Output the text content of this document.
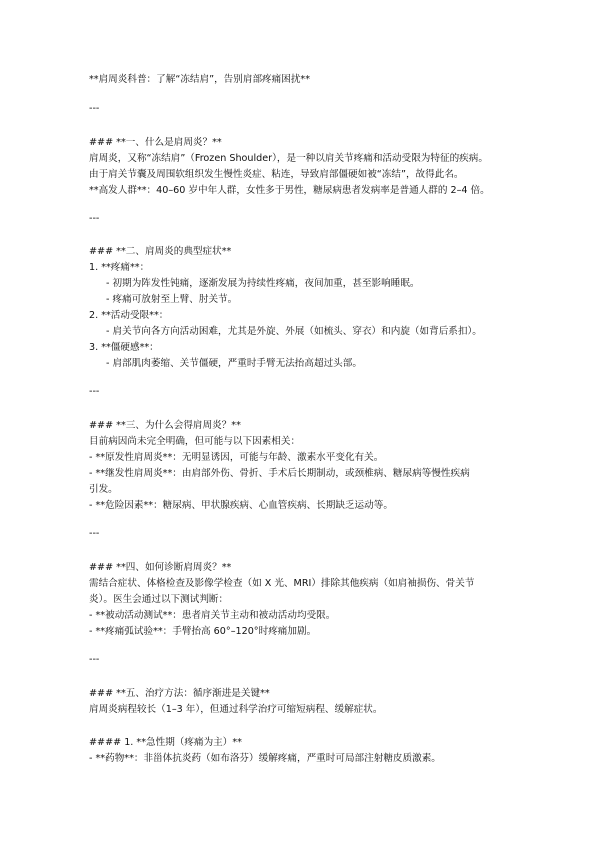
**肩周炎科普：了解“冻结肩”，告别肩部疼痛困扰**
---
### **一、什么是肩周炎？**
肩周炎，又称“冻结肩”（Frozen Shoulder），是一种以肩关节疼痛和活动受限为特征的疾病。
由于肩关节囊及周围软组织发生慢性炎症、粘连，导致肩部僵硬如被“冻结”，故得此名。
**高发人群**：40–60 岁中年人群，女性多于男性，糖尿病患者发病率是普通人群的 2–4 倍。
---
### **二、肩周炎的典型症状**
1. **疼痛**：
- 初期为阵发性钝痛，逐渐发展为持续性疼痛，夜间加重，甚至影响睡眠。
- 疼痛可放射至上臂、肘关节。
2. **活动受限**：
- 肩关节向各方向活动困难，尤其是外旋、外展（如梳头、穿衣）和内旋（如背后系扣）。
3. **僵硬感**：
- 肩部肌肉萎缩、关节僵硬，严重时手臂无法抬高超过头部。
---
### **三、为什么会得肩周炎？**
目前病因尚未完全明确，但可能与以下因素相关：
- **原发性肩周炎**：无明显诱因，可能与年龄、激素水平变化有关。
- **继发性肩周炎**：由肩部外伤、骨折、手术后长期制动，或颈椎病、糖尿病等慢性疾病
引发。
- **危险因素**：糖尿病、甲状腺疾病、心血管疾病、长期缺乏运动等。
---
### **四、如何诊断肩周炎？**
需结合症状、体格检查及影像学检查（如 X 光、MRI）排除其他疾病（如肩袖损伤、骨关节
炎）。医生会通过以下测试判断：
- **被动活动测试**：患者肩关节主动和被动活动均受限。
- **疼痛弧试验**：手臂抬高 60°–120°时疼痛加剧。
---
### **五、治疗方法：循序渐进是关键**
肩周炎病程较长（1–3 年），但通过科学治疗可缩短病程、缓解症状。
#### 1. **急性期（疼痛为主）**
- **药物**：非甾体抗炎药（如布洛芬）缓解疼痛，严重时可局部注射糖皮质激素。
